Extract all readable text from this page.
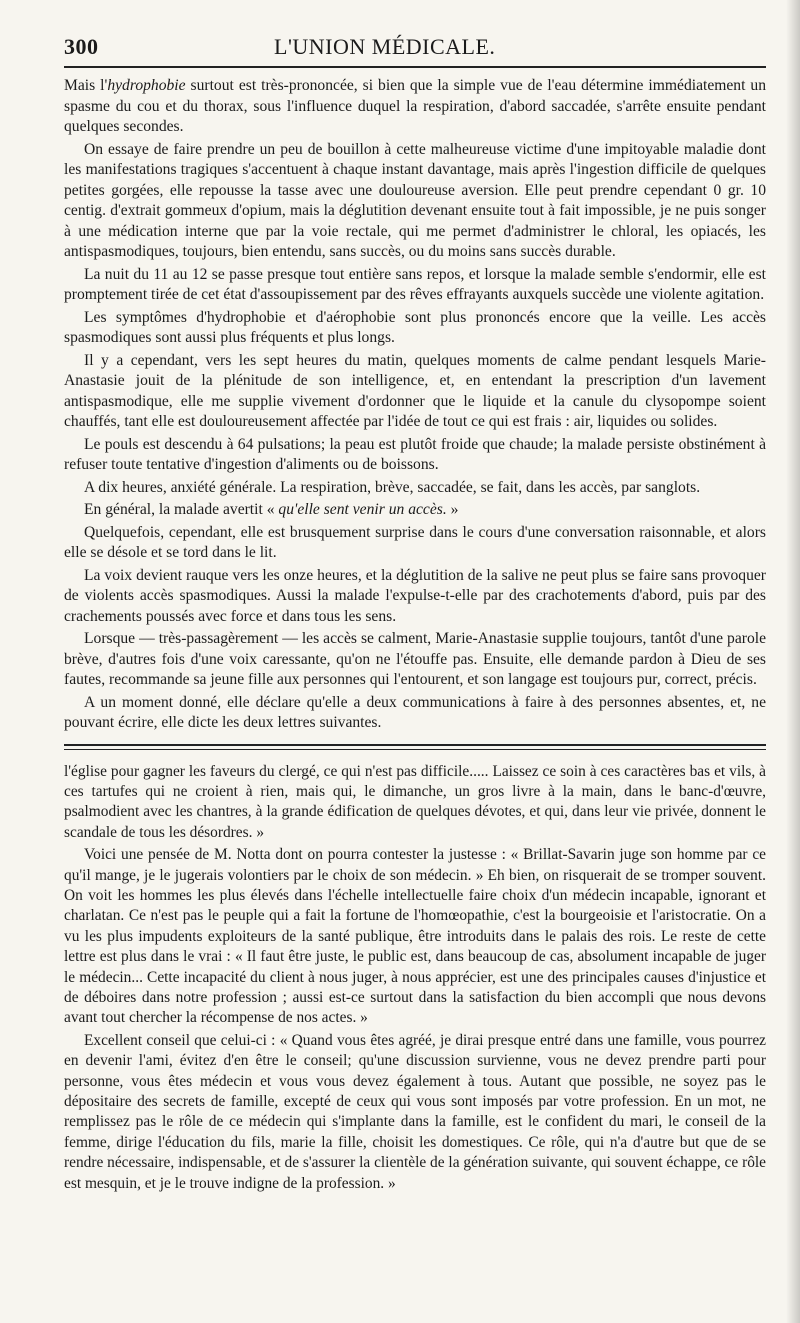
300	L'UNION MÉDICALE.

Mais l'hydrophobie surtout est très-prononcée, si bien que la simple vue de l'eau détermine immédiatement un spasme du cou et du thorax, sous l'influence duquel la respiration, d'abord saccadée, s'arrête ensuite pendant quelques secondes.

On essaye de faire prendre un peu de bouillon à cette malheureuse victime d'une impitoyable maladie dont les manifestations tragiques s'accentuent à chaque instant davantage, mais après l'ingestion difficile de quelques petites gorgées, elle repousse la tasse avec une douloureuse aversion. Elle peut prendre cependant 0 gr. 10 centig. d'extrait gommeux d'opium, mais la déglutition devenant ensuite tout à fait impossible, je ne puis songer à une médication interne que par la voie rectale, qui me permet d'administrer le chloral, les opiacés, les antispasmodiques, toujours, bien entendu, sans succès, ou du moins sans succès durable.

La nuit du 11 au 12 se passe presque tout entière sans repos, et lorsque la malade semble s'endormir, elle est promptement tirée de cet état d'assoupissement par des rêves effrayants auxquels succède une violente agitation.

Les symptômes d'hydrophobie et d'aérophobie sont plus prononcés encore que la veille. Les accès spasmodiques sont aussi plus fréquents et plus longs.

Il y a cependant, vers les sept heures du matin, quelques moments de calme pendant lesquels Marie-Anastasie jouit de la plénitude de son intelligence, et, en entendant la prescription d'un lavement antispasmodique, elle me supplie vivement d'ordonner que le liquide et la canule du clysopompe soient chauffés, tant elle est douloureusement affectée par l'idée de tout ce qui est frais : air, liquides ou solides.

Le pouls est descendu à 64 pulsations; la peau est plutôt froide que chaude; la malade persiste obstinément à refuser toute tentative d'ingestion d'aliments ou de boissons.

A dix heures, anxiété générale. La respiration, brève, saccadée, se fait, dans les accès, par sanglots.

En général, la malade avertit « qu'elle sent venir un accès. »

Quelquefois, cependant, elle est brusquement surprise dans le cours d'une conversation raisonnable, et alors elle se désole et se tord dans le lit.

La voix devient rauque vers les onze heures, et la déglutition de la salive ne peut plus se faire sans provoquer de violents accès spasmodiques. Aussi la malade l'expulse-t-elle par des crachotements d'abord, puis par des crachements poussés avec force et dans tous les sens.

Lorsque — très-passagèrement — les accès se calment, Marie-Anastasie supplie toujours, tantôt d'une parole brève, d'autres fois d'une voix caressante, qu'on ne l'étouffe pas. Ensuite, elle demande pardon à Dieu de ses fautes, recommande sa jeune fille aux personnes qui l'entourent, et son langage est toujours pur, correct, précis.

A un moment donné, elle déclare qu'elle a deux communications à faire à des personnes absentes, et, ne pouvant écrire, elle dicte les deux lettres suivantes.

l'église pour gagner les faveurs du clergé, ce qui n'est pas difficile..... Laissez ce soin à ces caractères bas et vils, à ces tartufes qui ne croient à rien, mais qui, le dimanche, un gros livre à la main, dans le banc-d'œuvre, psalmodient avec les chantres, à la grande édification de quelques dévotes, et qui, dans leur vie privée, donnent le scandale de tous les désordres. »

Voici une pensée de M. Notta dont on pourra contester la justesse : « Brillat-Savarin juge son homme par ce qu'il mange, je le jugerais volontiers par le choix de son médecin. » Eh bien, on risquerait de se tromper souvent. On voit les hommes les plus élevés dans l'échelle intellectuelle faire choix d'un médecin incapable, ignorant et charlatan. Ce n'est pas le peuple qui a fait la fortune de l'homœopathie, c'est la bourgeoisie et l'aristocratie. On a vu les plus impudents exploiteurs de la santé publique, être introduits dans le palais des rois. Le reste de cette lettre est plus dans le vrai : « Il faut être juste, le public est, dans beaucoup de cas, absolument incapable de juger le médecin... Cette incapacité du client à nous juger, à nous apprécier, est une des principales causes d'injustice et de déboires dans notre profession ; aussi est-ce surtout dans la satisfaction du bien accompli que nous devons avant tout chercher la récompense de nos actes. »

Excellent conseil que celui-ci : « Quand vous êtes agréé, je dirai presque entré dans une famille, vous pourrez en devenir l'ami, évitez d'en être le conseil; qu'une discussion survienne, vous ne devez prendre parti pour personne, vous êtes médecin et vous vous devez également à tous. Autant que possible, ne soyez pas le dépositaire des secrets de famille, excepté de ceux qui vous sont imposés par votre profession. En un mot, ne remplissez pas le rôle de ce médecin qui s'implante dans la famille, est le confident du mari, le conseil de la femme, dirige l'éducation du fils, marie la fille, choisit les domestiques. Ce rôle, qui n'a d'autre but que de se rendre nécessaire, indispensable, et de s'assurer la clientèle de la génération suivante, qui souvent échappe, ce rôle est mesquin, et je le trouve indigne de la profession. »
